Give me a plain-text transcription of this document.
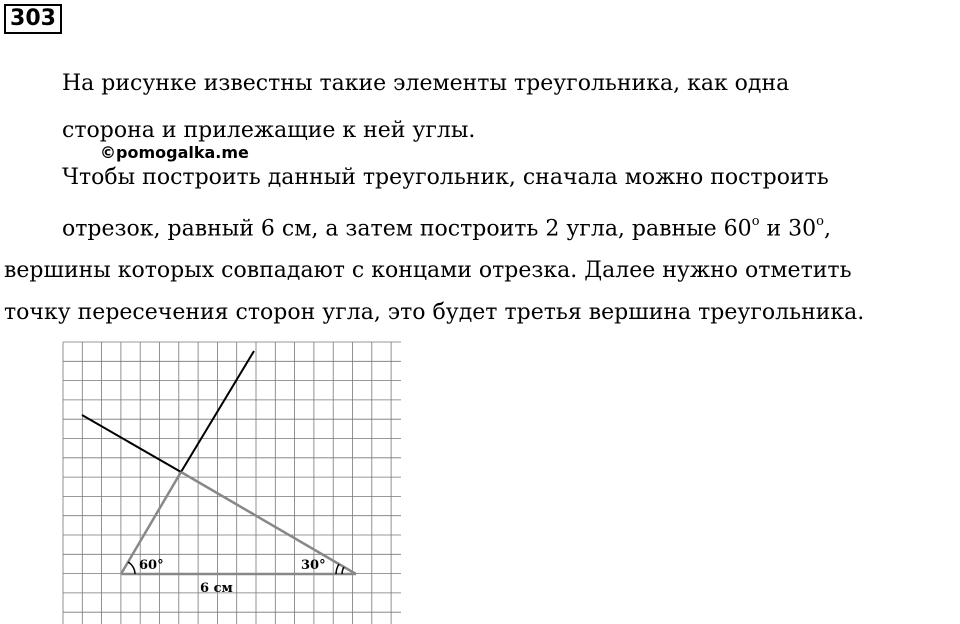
303
На рисунке известны такие элементы треугольника, как одна
сторона и прилежащие к ней углы.
©pomogalka.me
Чтобы построить данный треугольник, сначала можно построить
отрезок, равный 6 см, а затем построить 2 угла, равные $60^о$ и $30^о$,
вершины которых совпадают с концами отрезка. Далее нужно отметить
точку пересечения сторон угла, это будет третья вершина треугольника.
60°	30°
6 см
